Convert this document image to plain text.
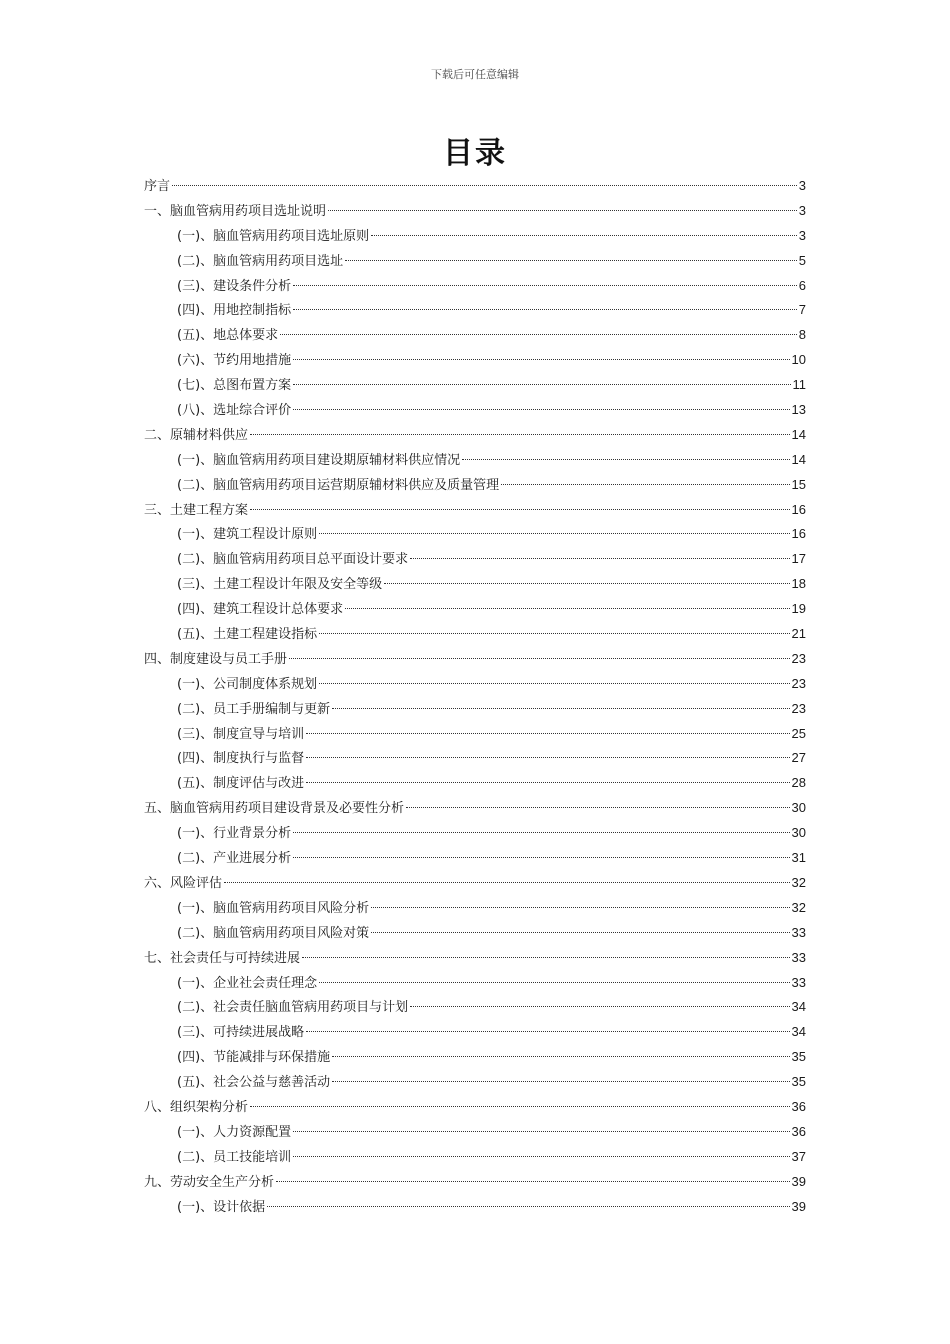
下载后可任意编辑
目录
序言	3
一、脑血管病用药项目选址说明	3
(一)、脑血管病用药项目选址原则	3
(二)、脑血管病用药项目选址	5
(三)、建设条件分析	6
(四)、用地控制指标	7
(五)、地总体要求	8
(六)、节约用地措施	10
(七)、总图布置方案	11
(八)、选址综合评价	13
二、原辅材料供应	14
(一)、脑血管病用药项目建设期原辅材料供应情况	14
(二)、脑血管病用药项目运营期原辅材料供应及质量管理	15
三、土建工程方案	16
(一)、建筑工程设计原则	16
(二)、脑血管病用药项目总平面设计要求	17
(三)、土建工程设计年限及安全等级	18
(四)、建筑工程设计总体要求	19
(五)、土建工程建设指标	21
四、制度建设与员工手册	23
(一)、公司制度体系规划	23
(二)、员工手册编制与更新	23
(三)、制度宣导与培训	25
(四)、制度执行与监督	27
(五)、制度评估与改进	28
五、脑血管病用药项目建设背景及必要性分析	30
(一)、行业背景分析	30
(二)、产业进展分析	31
六、风险评估	32
(一)、脑血管病用药项目风险分析	32
(二)、脑血管病用药项目风险对策	33
七、社会责任与可持续进展	33
(一)、企业社会责任理念	33
(二)、社会责任脑血管病用药项目与计划	34
(三)、可持续进展战略	34
(四)、节能减排与环保措施	35
(五)、社会公益与慈善活动	35
八、组织架构分析	36
(一)、人力资源配置	36
(二)、员工技能培训	37
九、劳动安全生产分析	39
(一)、设计依据	39
